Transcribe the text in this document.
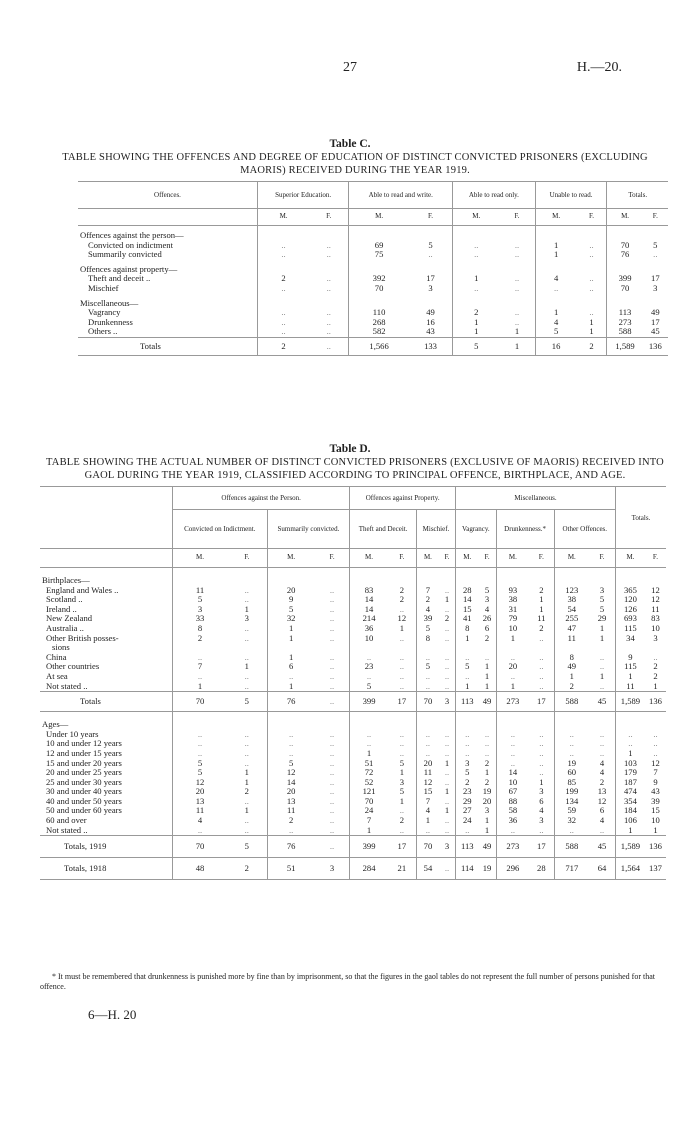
27	H.—20.
Table C.
TABLE SHOWING THE OFFENCES AND DEGREE OF EDUCATION OF DISTINCT CONVICTED PRISONERS (EXCLUDING MAORIS) RECEIVED DURING THE YEAR 1919.
Offences.	Superior Education.		Able to read and write.		Able to read only.		Unable to read.		Totals.	
	M.	F.	M.	F.	M.	F.	M.	F.	M.	F.
Offences against the person—										
Convicted on indictment	..	..	69	5	..	..	1	..	70	5
Summarily convicted	..	..	75	..	..	..	1	..	76	..
Offences against property—										
Theft and deceit ..	2	..	392	17	1	..	4	..	399	17
Mischief	..	..	70	3	..	..	..	..	70	3
Miscellaneous—										
Vagrancy	..	..	110	49	2	..	1	..	113	49
Drunkenness	..	..	268	16	1	..	4	1	273	17
Others ..	..	..	582	43	1	1	5	1	588	45
Totals	2	..	1,566	133	5	1	16	2	1,589	136
Table D.
TABLE SHOWING THE ACTUAL NUMBER OF DISTINCT CONVICTED PRISONERS (EXCLUSIVE OF MAORIS) RECEIVED INTO GAOL DURING THE YEAR 1919, CLASSIFIED ACCORDING TO PRINCIPAL OFFENCE, BIRTHPLACE, AND AGE.
	Offences against the Person.				Offences against Property.				Miscellaneous.						Totals.	
	Convicted on Indictment.		Summarily convicted.		Theft and Deceit.		Mischief.		Vagrancy.		Drunkenness.*		Other Offences.			
	M.	F.	M.	F.	M.	F.	M.	F.	M.	F.	M.	F.	M.	F.	M.	F.
Birthplaces—																
England and Wales ..	11	..	20	..	83	2	7	..	28	5	93	2	123	3	365	12
Scotland ..	5	..	9	..	14	2	2	1	14	3	38	1	38	5	120	12
Ireland ..	3	1	5	..	14	..	4	..	15	4	31	1	54	5	126	11
New Zealand	33	3	32	..	214	12	39	2	41	26	79	11	255	29	693	83
Australia ..	8	..	1	..	36	1	5	..	8	6	10	2	47	1	115	10
Other British posses-	2	..	1	..	10	..	8	..	1	2	1	..	11	1	34	3
sions																
China	..	..	1	..	..	..	..	..	..	..	..	..	8	..	9	..
Other countries	7	1	6	..	23	..	5	..	5	1	20	..	49	..	115	2
At sea	..	..	..	..	..	..	..	..	..	1	..	..	1	1	1	2
Not stated ..	1	..	1	..	5	..	..	..	1	1	1	..	2	..	11	1
Totals	70	5	76	..	399	17	70	3	113	49	273	17	588	45	1,589	136
Ages—																
Under 10 years	..	..	..	..	..	..	..	..	..	..	..	..	..	..	..	..
10 and under 12 years	..	..	..	..	..	..	..	..	..	..	..	..	..	..	..	..
12 and under 15 years	..	..	..	..	1	..	..	..	..	..	..	..	..	..	1	..
15 and under 20 years	5	..	5	..	51	5	20	1	3	2	..	..	19	4	103	12
20 and under 25 years	5	1	12	..	72	1	11	..	5	1	14	..	60	4	179	7
25 and under 30 years	12	1	14	..	52	3	12	..	2	2	10	1	85	2	187	9
30 and under 40 years	20	2	20	..	121	5	15	1	23	19	67	3	199	13	474	43
40 and under 50 years	13	..	13	..	70	1	7	..	29	20	88	6	134	12	354	39
50 and under 60 years	11	1	11	..	24	..	4	1	27	3	58	4	59	6	184	15
60 and over	4	..	2	..	7	2	1	..	24	1	36	3	32	4	106	10
Not stated ..	..	..	..	..	1	..	..	..	..	1	..	..	..	..	1	1
Totals, 1919	70	5	76	..	399	17	70	3	113	49	273	17	588	45	1,589	136
Totals, 1918	48	2	51	3	284	21	54	..	114	19	296	28	717	64	1,564	137
* It must be remembered that drunkenness is punished more by fine than by imprisonment, so that the figures in the gaol tables do not represent the full number of persons punished for that offence.
6—H. 20
